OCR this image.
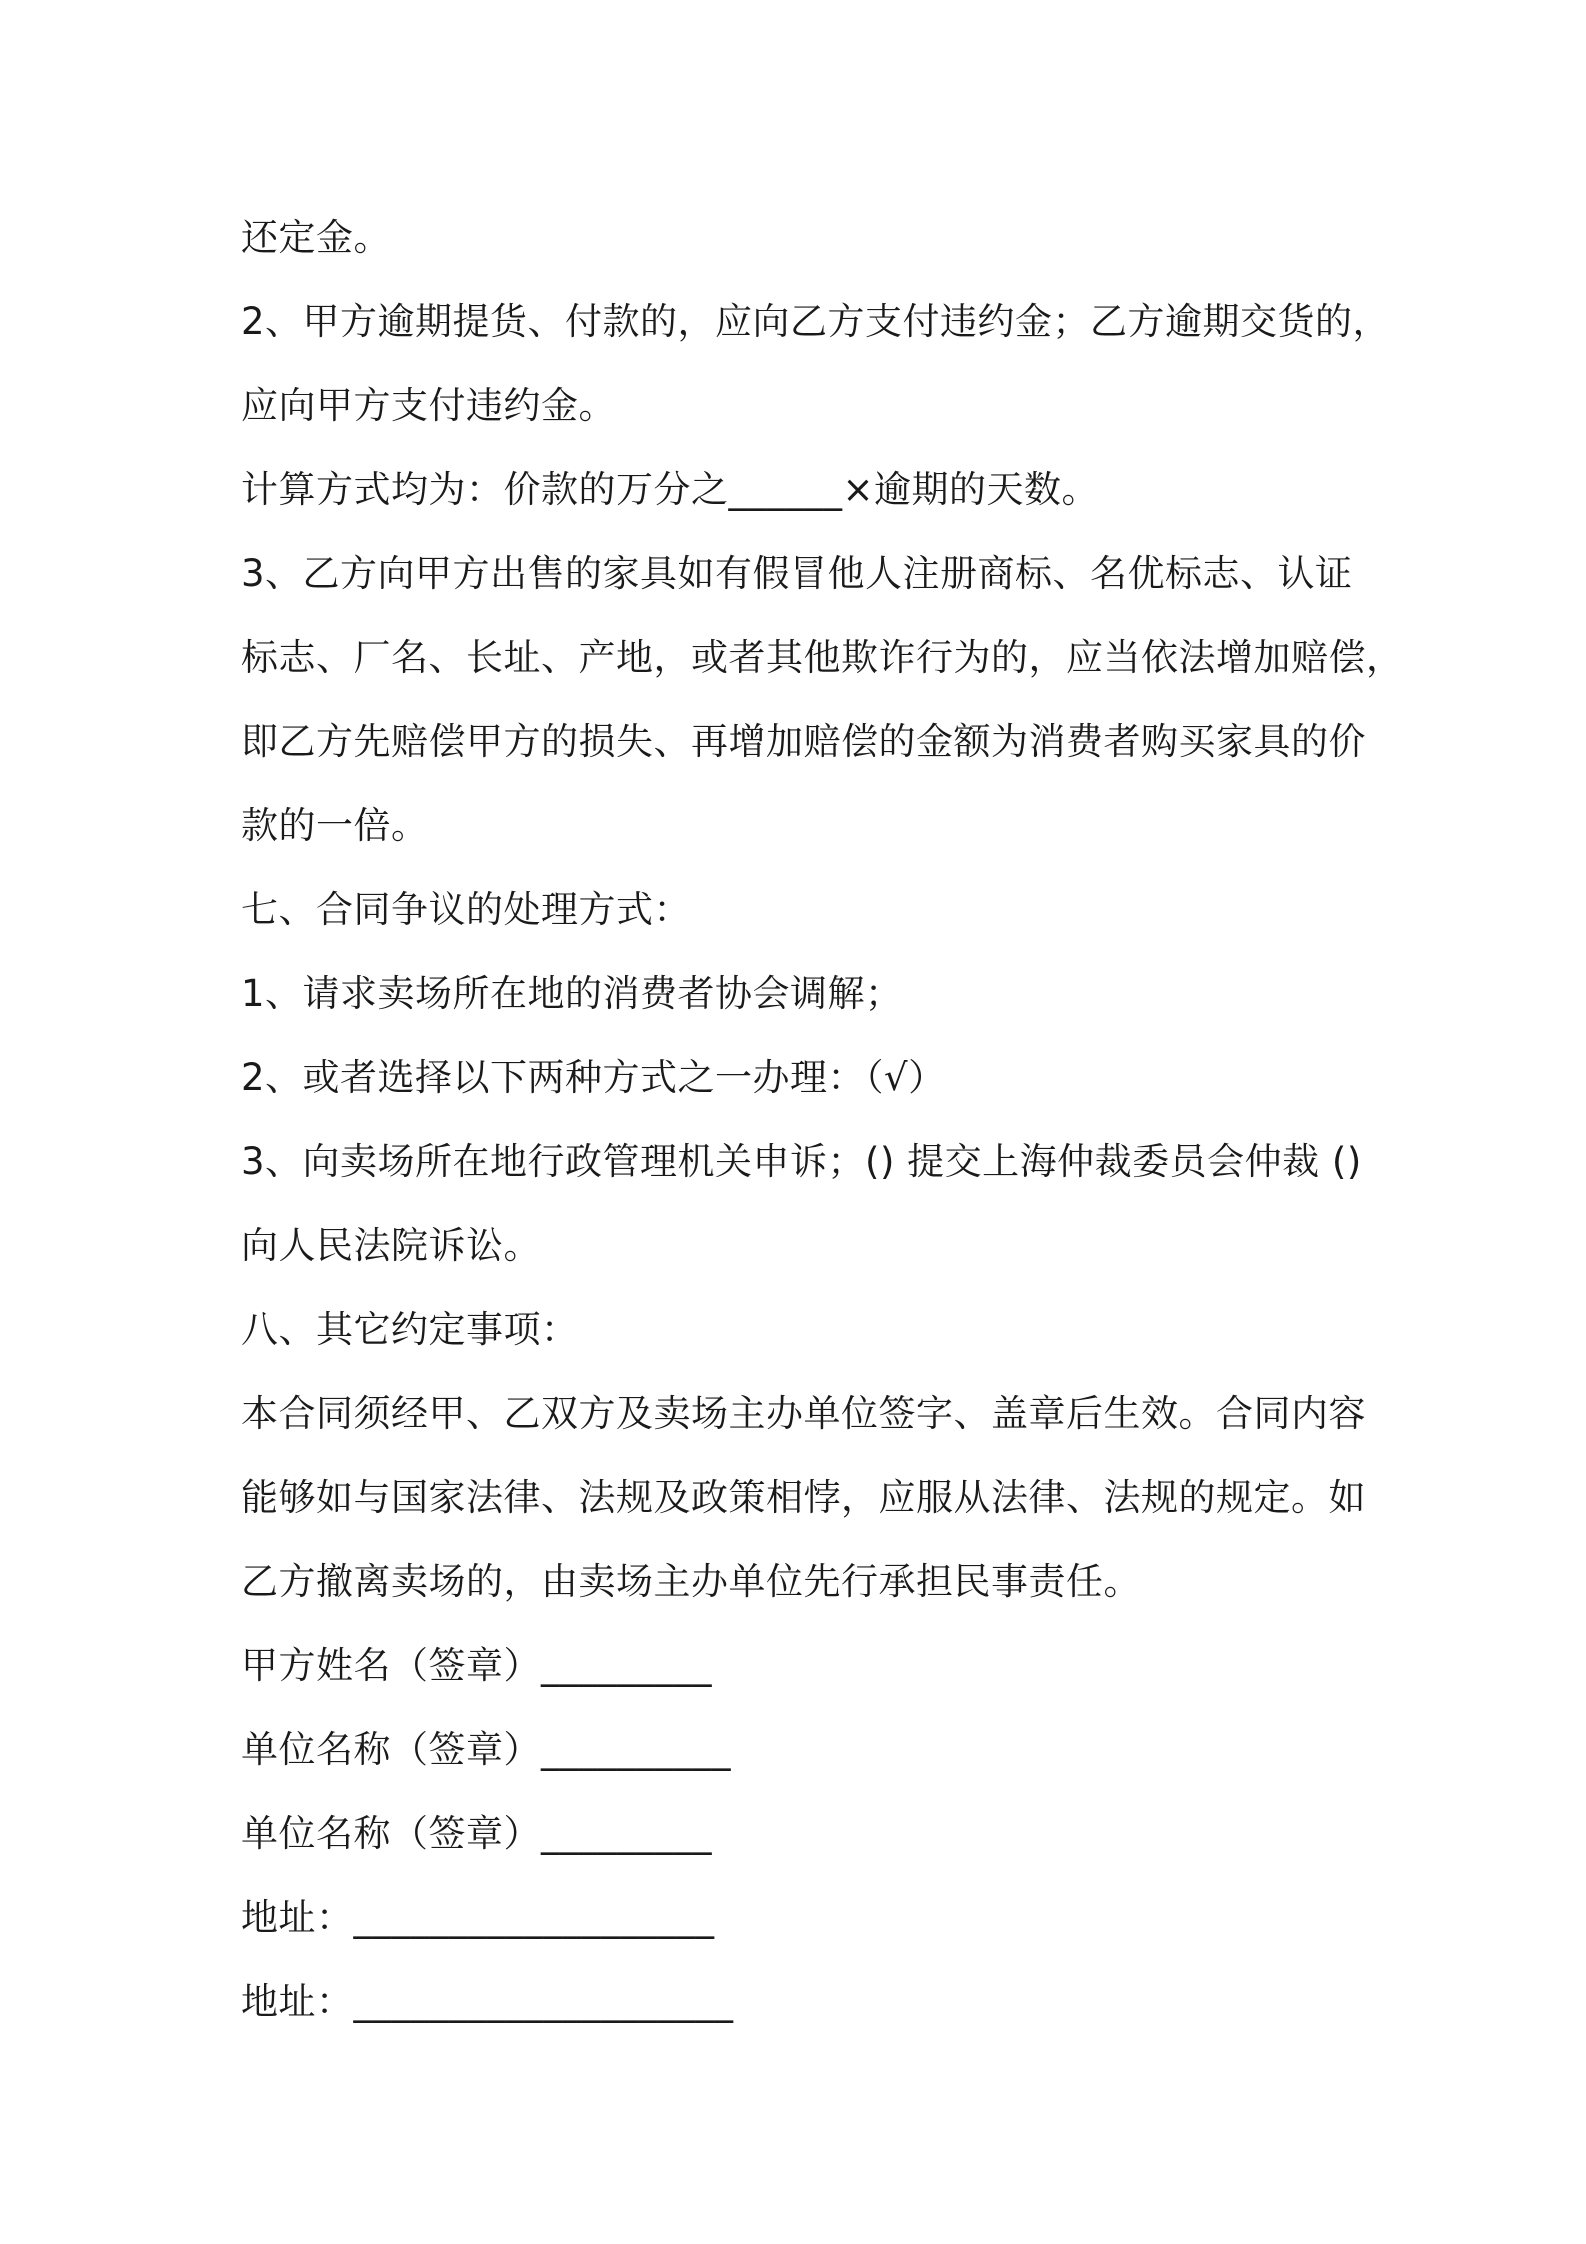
还定金。
2、甲方逾期提货、付款的，应向乙方支付违约金；乙方逾期交货的，
应向甲方支付违约金。
计算方式均为：价款的万分之______×逾期的天数。
3、乙方向甲方出售的家具如有假冒他人注册商标、名优标志、认证
标志、厂名、长址、产地，或者其他欺诈行为的，应当依法增加赔偿，
即乙方先赔偿甲方的损失、再增加赔偿的金额为消费者购买家具的价
款的一倍。
七、合同争议的处理方式：
1、请求卖场所在地的消费者协会调解；
2、或者选择以下两种方式之一办理：（√）
3、向卖场所在地行政管理机关申诉；() 提交上海仲裁委员会仲裁 ()
向人民法院诉讼。
八、其它约定事项：
本合同须经甲、乙双方及卖场主办单位签字、盖章后生效。合同内容
能够如与国家法律、法规及政策相悖，应服从法律、法规的规定。如
乙方撤离卖场的，由卖场主办单位先行承担民事责任。
甲方姓名（签章）_________
单位名称（签章）__________
单位名称（签章）_________
地址：___________________
地址：____________________
